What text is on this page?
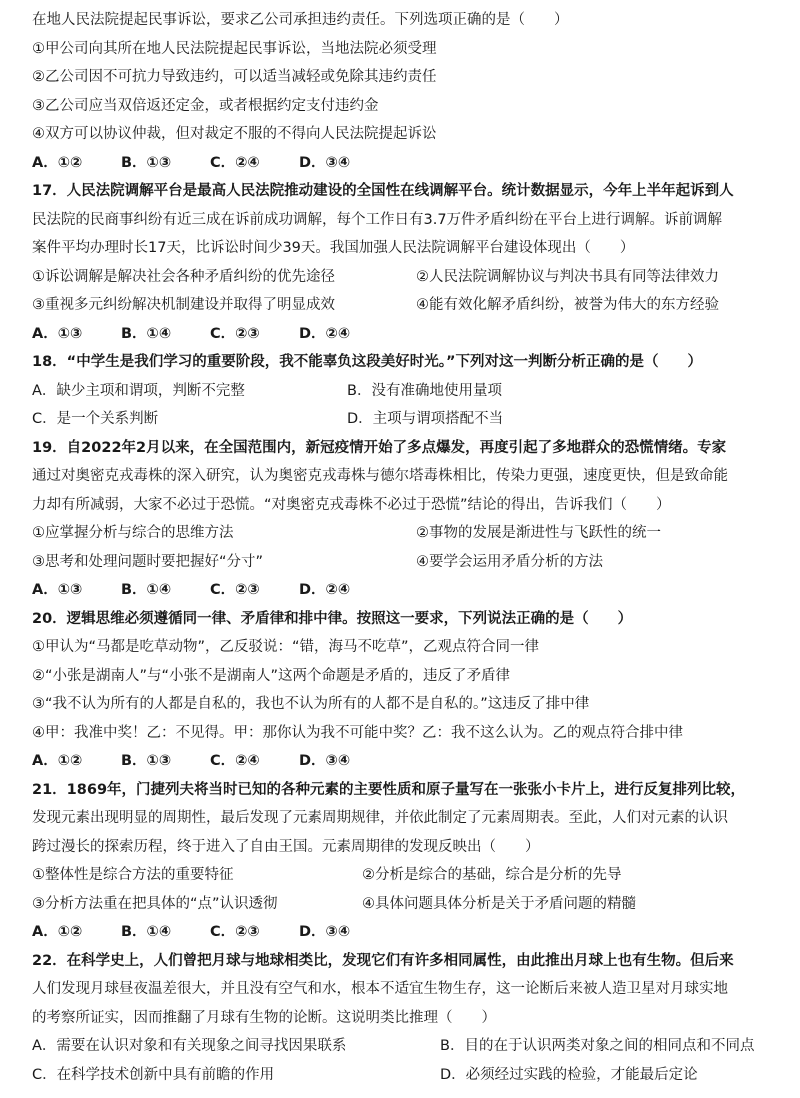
在地人民法院提起民事诉讼，要求乙公司承担违约责任。下列选项正确的是（　　）
①甲公司向其所在地人民法院提起民事诉讼，当地法院必须受理
②乙公司因不可抗力导致违约，可以适当减轻或免除其违约责任
③乙公司应当双倍返还定金，或者根据约定支付违约金
④双方可以协议仲裁，但对裁定不服的不得向人民法院提起诉讼
A．①②	B．①③	C．②④	D．③④
17．人民法院调解平台是最高人民法院推动建设的全国性在线调解平台。统计数据显示，今年上半年起诉到人
民法院的民商事纠纷有近三成在诉前成功调解，每个工作日有3.7万件矛盾纠纷在平台上进行调解。诉前调解
案件平均办理时长17天，比诉讼时间少39天。我国加强人民法院调解平台建设体现出（　　）
①诉讼调解是解决社会各种矛盾纠纷的优先途径	②人民法院调解协议与判决书具有同等法律效力
③重视多元纠纷解决机制建设并取得了明显成效	④能有效化解矛盾纠纷，被誉为伟大的东方经验
A．①③	B．①④	C．②③	D．②④
18．“中学生是我们学习的重要阶段，我不能辜负这段美好时光。”下列对这一判断分析正确的是（　　）
A．缺少主项和谓项，判断不完整	B．没有准确地使用量项
C．是一个关系判断	D．主项与谓项搭配不当
19．自2022年2月以来，在全国范围内，新冠疫情开始了多点爆发，再度引起了多地群众的恐慌情绪。专家
通过对奥密克戎毒株的深入研究，认为奥密克戎毒株与德尔塔毒株相比，传染力更强，速度更快，但是致命能
力却有所减弱，大家不必过于恐慌。“对奥密克戎毒株不必过于恐慌”结论的得出，告诉我们（　　）
①应掌握分析与综合的思维方法	②事物的发展是渐进性与飞跃性的统一
③思考和处理问题时要把握好“分寸”	④要学会运用矛盾分析的方法
A．①③	B．①④	C．②③	D．②④
20．逻辑思维必须遵循同一律、矛盾律和排中律。按照这一要求，下列说法正确的是（　　）
①甲认为“马都是吃草动物”，乙反驳说：“错，海马不吃草”，乙观点符合同一律
②“小张是湖南人”与“小张不是湖南人”这两个命题是矛盾的，违反了矛盾律
③“我不认为所有的人都是自私的，我也不认为所有的人都不是自私的。”这违反了排中律
④甲：我准中奖！乙：不见得。甲：那你认为我不可能中奖？乙：我不这么认为。乙的观点符合排中律
A．①②	B．①③	C．②④	D．③④
21．1869年，门捷列夫将当时已知的各种元素的主要性质和原子量写在一张张小卡片上，进行反复排列比较，
发现元素出现明显的周期性，最后发现了元素周期规律，并依此制定了元素周期表。至此，人们对元素的认识
跨过漫长的探索历程，终于进入了自由王国。元素周期律的发现反映出（　　）
①整体性是综合方法的重要特征	②分析是综合的基础，综合是分析的先导
③分析方法重在把具体的“点”认识透彻	④具体问题具体分析是关于矛盾问题的精髓
A．①②	B．①④	C．②③	D．③④
22．在科学史上，人们曾把月球与地球相类比，发现它们有许多相同属性，由此推出月球上也有生物。但后来
人们发现月球昼夜温差很大，并且没有空气和水，根本不适宜生物生存，这一论断后来被人造卫星对月球实地
的考察所证实，因而推翻了月球有生物的论断。这说明类比推理（　　）
A．需要在认识对象和有关现象之间寻找因果联系	B．目的在于认识两类对象之间的相同点和不同点
C．在科学技术创新中具有前瞻的作用	D．必须经过实践的检验，才能最后定论
